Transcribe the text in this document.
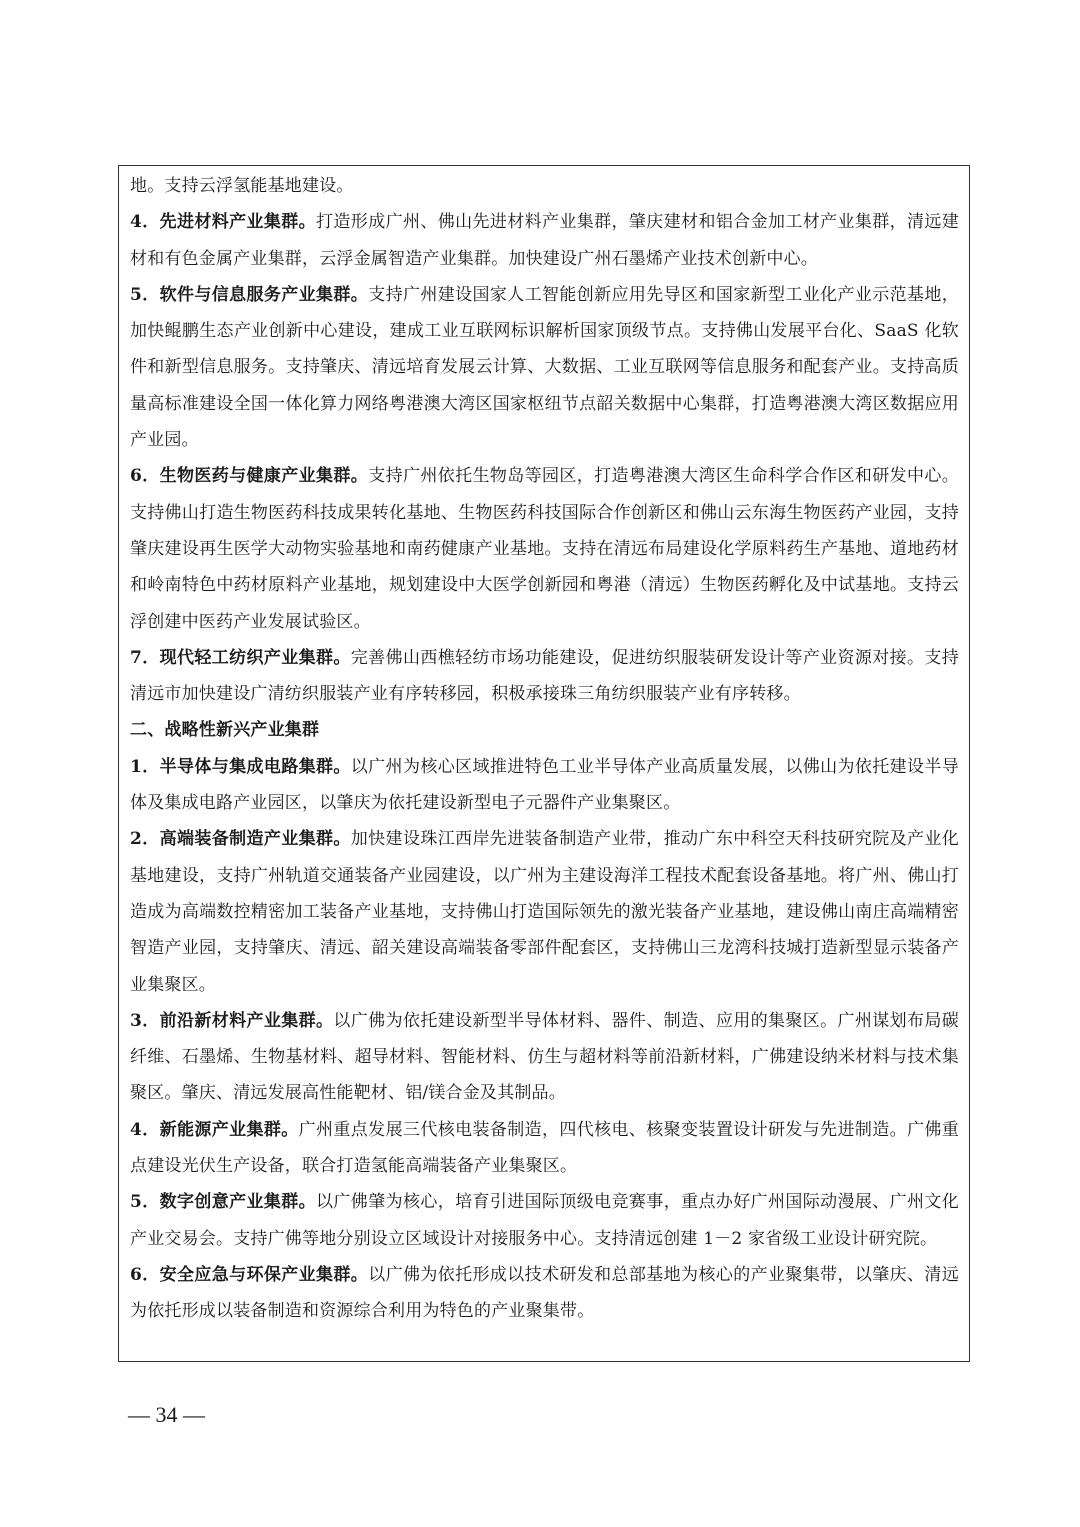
地。支持云浮氢能基地建设。

4．先进材料产业集群。打造形成广州、佛山先进材料产业集群，肇庆建材和铝合金加工材产业集群，清远建材和有色金属产业集群，云浮金属智造产业集群。加快建设广州石墨烯产业技术创新中心。

5．软件与信息服务产业集群。支持广州建设国家人工智能创新应用先导区和国家新型工业化产业示范基地，加快鲲鹏生态产业创新中心建设，建成工业互联网标识解析国家顶级节点。支持佛山发展平台化、SaaS 化软件和新型信息服务。支持肇庆、清远培育发展云计算、大数据、工业互联网等信息服务和配套产业。支持高质量高标准建设全国一体化算力网络粤港澳大湾区国家枢纽节点韶关数据中心集群，打造粤港澳大湾区数据应用产业园。

6．生物医药与健康产业集群。支持广州依托生物岛等园区，打造粤港澳大湾区生命科学合作区和研发中心。支持佛山打造生物医药科技成果转化基地、生物医药科技国际合作创新区和佛山云东海生物医药产业园，支持肇庆建设再生医学大动物实验基地和南药健康产业基地。支持在清远布局建设化学原料药生产基地、道地药材和岭南特色中药材原料产业基地，规划建设中大医学创新园和粤港（清远）生物医药孵化及中试基地。支持云浮创建中医药产业发展试验区。

7．现代轻工纺织产业集群。完善佛山西樵轻纺市场功能建设，促进纺织服装研发设计等产业资源对接。支持清远市加快建设广清纺织服装产业有序转移园，积极承接珠三角纺织服装产业有序转移。

二、战略性新兴产业集群

1．半导体与集成电路集群。以广州为核心区域推进特色工业半导体产业高质量发展，以佛山为依托建设半导体及集成电路产业园区，以肇庆为依托建设新型电子元器件产业集聚区。

2．高端装备制造产业集群。加快建设珠江西岸先进装备制造产业带，推动广东中科空天科技研究院及产业化基地建设，支持广州轨道交通装备产业园建设，以广州为主建设海洋工程技术配套设备基地。将广州、佛山打造成为高端数控精密加工装备产业基地，支持佛山打造国际领先的激光装备产业基地，建设佛山南庄高端精密智造产业园，支持肇庆、清远、韶关建设高端装备零部件配套区，支持佛山三龙湾科技城打造新型显示装备产业集聚区。

3．前沿新材料产业集群。以广佛为依托建设新型半导体材料、器件、制造、应用的集聚区。广州谋划布局碳纤维、石墨烯、生物基材料、超导材料、智能材料、仿生与超材料等前沿新材料，广佛建设纳米材料与技术集聚区。肇庆、清远发展高性能靶材、铝/镁合金及其制品。

4．新能源产业集群。广州重点发展三代核电装备制造，四代核电、核聚变装置设计研发与先进制造。广佛重点建设光伏生产设备，联合打造氢能高端装备产业集聚区。

5．数字创意产业集群。以广佛肇为核心，培育引进国际顶级电竞赛事，重点办好广州国际动漫展、广州文化产业交易会。支持广佛等地分别设立区域设计对接服务中心。支持清远创建 1－2 家省级工业设计研究院。

6．安全应急与环保产业集群。以广佛为依托形成以技术研发和总部基地为核心的产业聚集带，以肇庆、清远为依托形成以装备制造和资源综合利用为特色的产业聚集带。

— 34 —
